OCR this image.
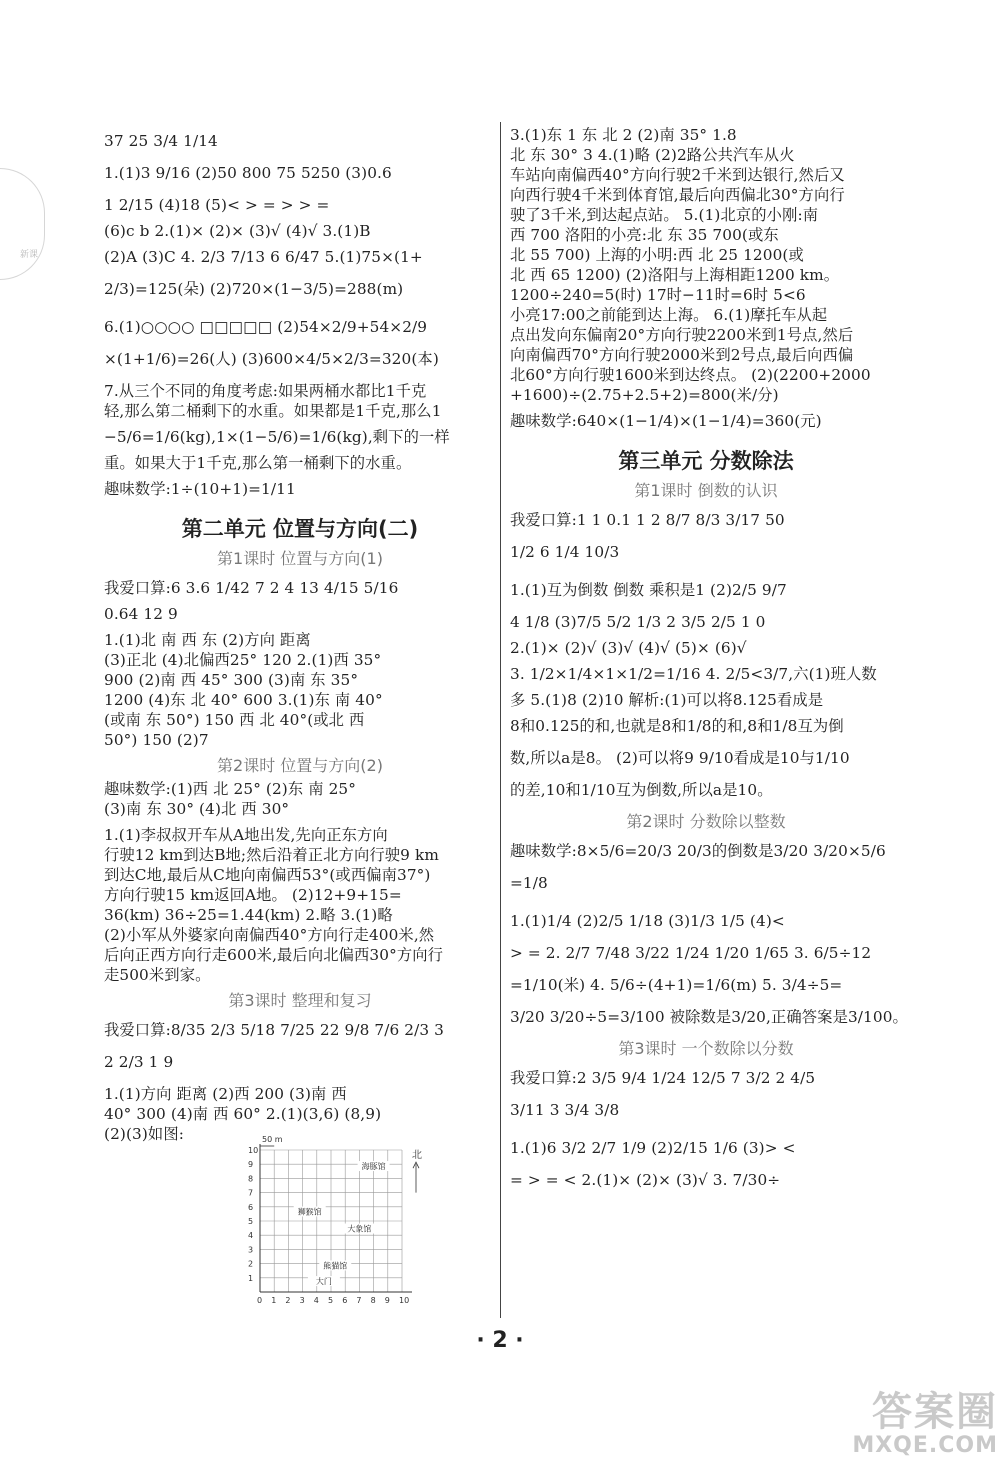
新课
37 25 3/4 1/14
1.(1)3 9/16 (2)50 800 75 5250 (3)0.6
1 2/15 (4)18 (5)< > = > > =
(6)c b 2.(1)× (2)× (3)√ (4)√ 3.(1)B
(2)A (3)C 4. 2/3 7/13 6 6/47 5.(1)75×(1+
2/3)=125(朵) (2)720×(1−3/5)=288(m)
6.(1)○○○○ □□□□□ (2)54×2/9+54×2/9
×(1+1/6)=26(人) (3)600×4/5×2/3=320(本)
7.从三个不同的角度考虑:如果两桶水都比1千克
轻,那么第二桶剩下的水重。如果都是1千克,那么1
−5/6=1/6(kg),1×(1−5/6)=1/6(kg),剩下的一样
重。如果大于1千克,那么第一桶剩下的水重。
趣味数学:1÷(10+1)=1/11
第二单元 位置与方向(二)
第1课时 位置与方向(1)
我爱口算:6 3.6 1/42 7 2 4 13 4/15 5/16
0.64 12 9
1.(1)北 南 西 东 (2)方向 距离
(3)正北 (4)北偏西25° 120 2.(1)西 35°
900 (2)南 西 45° 300 (3)南 东 35°
1200 (4)东 北 40° 600 3.(1)东 南 40°
(或南 东 50°) 150 西 北 40°(或北 西
50°) 150 (2)7
第2课时 位置与方向(2)
趣味数学:(1)西 北 25° (2)东 南 25°
(3)南 东 30° (4)北 西 30°
1.(1)李叔叔开车从A地出发,先向正东方向
行驶12 km到达B地;然后沿着正北方向行驶9 km
到达C地,最后从C地向南偏西53°(或西偏南37°)
方向行驶15 km返回A地。 (2)12+9+15=
36(km) 36÷25=1.44(km) 2.略 3.(1)略
(2)小军从外婆家向南偏西40°方向行走400米,然
后向正西方向行走600米,最后向北偏西30°方向行
走500米到家。
第3课时 整理和复习
我爱口算:8/35 2/3 5/18 7/25 22 9/8 7/6 2/3 3
2 2/3 1 9
1.(1)方向 距离 (2)西 200 (3)南 西
40° 300 (4)南 西 60° 2.(1)(3,6) (8,9)
(2)(3)如图:
0 1 2 3 4 5 6 7 8 9 10
1
2
3
4
5
6
7
8
9
10
50 m
北
海豚馆
狮猴馆
大象馆
熊猫馆
大门
3.(1)东 1 东 北 2 (2)南 35° 1.8
北 东 30° 3 4.(1)略 (2)2路公共汽车从火
车站向南偏西40°方向行驶2千米到达银行,然后又
向西行驶4千米到体育馆,最后向西偏北30°方向行
驶了3千米,到达起点站。 5.(1)北京的小刚:南
西 700 洛阳的小亮:北 东 35 700(或东
北 55 700) 上海的小明:西 北 25 1200(或
北 西 65 1200) (2)洛阳与上海相距1200 km。
1200÷240=5(时) 17时−11时=6时 5<6
小亮17:00之前能到达上海。 6.(1)摩托车从起
点出发向东偏南20°方向行驶2200米到1号点,然后
向南偏西70°方向行驶2000米到2号点,最后向西偏
北60°方向行驶1600米到达终点。 (2)(2200+2000
+1600)÷(2.75+2.5+2)=800(米/分)
趣味数学:640×(1−1/4)×(1−1/4)=360(元)
第三单元 分数除法
第1课时 倒数的认识
我爱口算:1 1 0.1 1 2 8/7 8/3 3/17 50
1/2 6 1/4 10/3
1.(1)互为倒数 倒数 乘积是1 (2)2/5 9/7
4 1/8 (3)7/5 5/2 1/3 2 3/5 2/5 1 0
2.(1)× (2)√ (3)√ (4)√ (5)× (6)√
3. 1/2×1/4×1×1/2=1/16 4. 2/5<3/7,六(1)班人数
多 5.(1)8 (2)10 解析:(1)可以将8.125看成是
8和0.125的和,也就是8和1/8的和,8和1/8互为倒
数,所以a是8。 (2)可以将9 9/10看成是10与1/10
的差,10和1/10互为倒数,所以a是10。
第2课时 分数除以整数
趣味数学:8×5/6=20/3 20/3的倒数是3/20 3/20×5/6
=1/8
1.(1)1/4 (2)2/5 1/18 (3)1/3 1/5 (4)<
> = 2. 2/7 7/48 3/22 1/24 1/20 1/65 3. 6/5÷12
=1/10(米) 4. 5/6÷(4+1)=1/6(m) 5. 3/4÷5=
3/20 3/20÷5=3/100 被除数是3/20,正确答案是3/100。
第3课时 一个数除以分数
我爱口算:2 3/5 9/4 1/24 12/5 7 3/2 2 4/5
3/11 3 3/4 3/8
1.(1)6 3/2 2/7 1/9 (2)2/15 1/6 (3)> <
= > = < 2.(1)× (2)× (3)√ 3. 7/30÷
· 2 ·
答案圈
MXQE.COM
